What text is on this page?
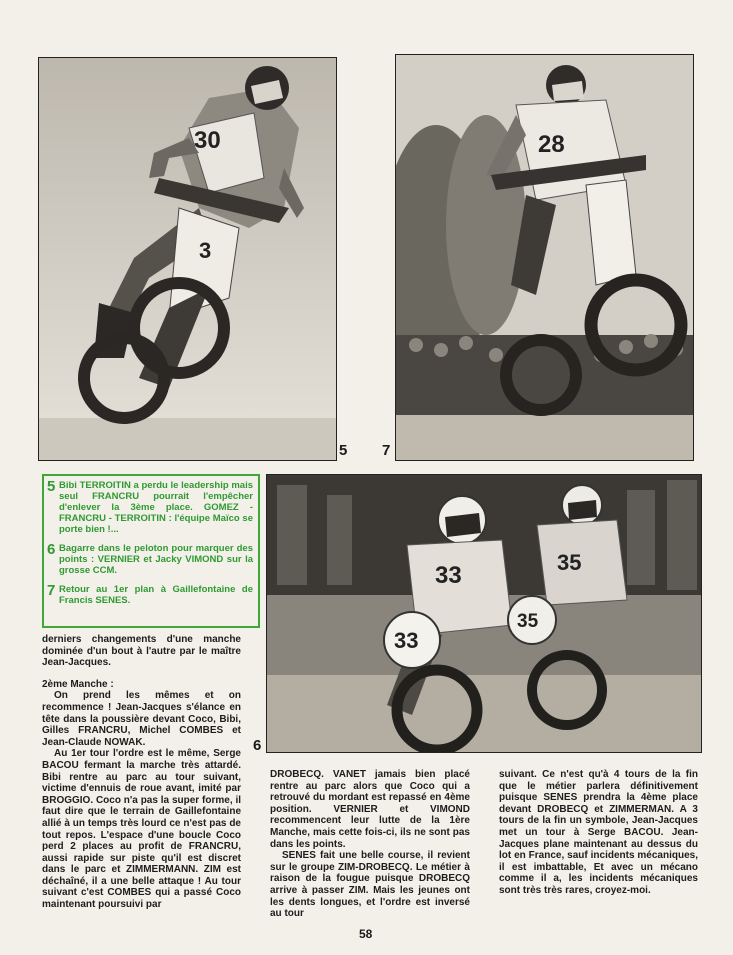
30
3
5
28
7
5 Bibi TERROITIN a perdu le leadership mais seul FRANCRU pourrait l'empêcher d'enlever la 3ème place. GOMEZ - FRANCRU - TERROITIN : l'équipe Maïco se porte bien !...
6 Bagarre dans le peloton pour marquer des points : VERNIER et Jacky VIMOND sur la grosse CCM.
7 Retour au 1er plan à Gaillefontaine de Francis SENES.
33
33
35
35
6

derniers changements d'une manche dominée d'un bout à l'autre par le maître Jean-Jacques.

2ème Manche :

On prend les mêmes et on recommence ! Jean-Jacques s'élance en tête dans la poussière devant Coco, Bibi, Gilles FRANCRU, Michel COMBES et Jean-Claude NOWAK.

Au 1er tour l'ordre est le même, Serge BACOU fermant la marche très attardé. Bibi rentre au parc au tour suivant, victime d'ennuis de roue avant, imité par BROGGIO. Coco n'a pas la super forme, il faut dire que le terrain de Gaillefontaine allié à un temps très lourd ce n'est pas de tout repos. L'espace d'une boucle Coco perd 2 places au profit de FRANCRU, aussi rapide sur piste qu'il est discret dans le parc et ZIMMERMANN. ZIM est déchaîné, il a une belle attaque ! Au tour suivant c'est COMBES qui a passé Coco maintenant poursuivi par

DROBECQ. VANET jamais bien placé rentre au parc alors que Coco qui a retrouvé du mordant est repassé en 4ème position. VERNIER et VIMOND recommencent leur lutte de la 1ère Manche, mais cette fois-ci, ils ne sont pas dans les points.

SENES fait une belle course, il revient sur le groupe ZIM-DROBECQ. Le métier à raison de la fougue puisque DROBECQ arrive à passer ZIM. Mais les jeunes ont les dents longues, et l'ordre est inversé au tour

suivant. Ce n'est qu'à 4 tours de la fin que le métier parlera définitivement puisque SENES prendra la 4ème place devant DROBECQ et ZIMMERMAN. A 3 tours de la fin un symbole, Jean-Jacques met un tour à Serge BACOU. Jean-Jacques plane maintenant au dessus du lot en France, sauf incidents mécaniques, il est imbattable, Et avec un mécano comme il a, les incidents mécaniques sont très très rares, croyez-moi.

58
